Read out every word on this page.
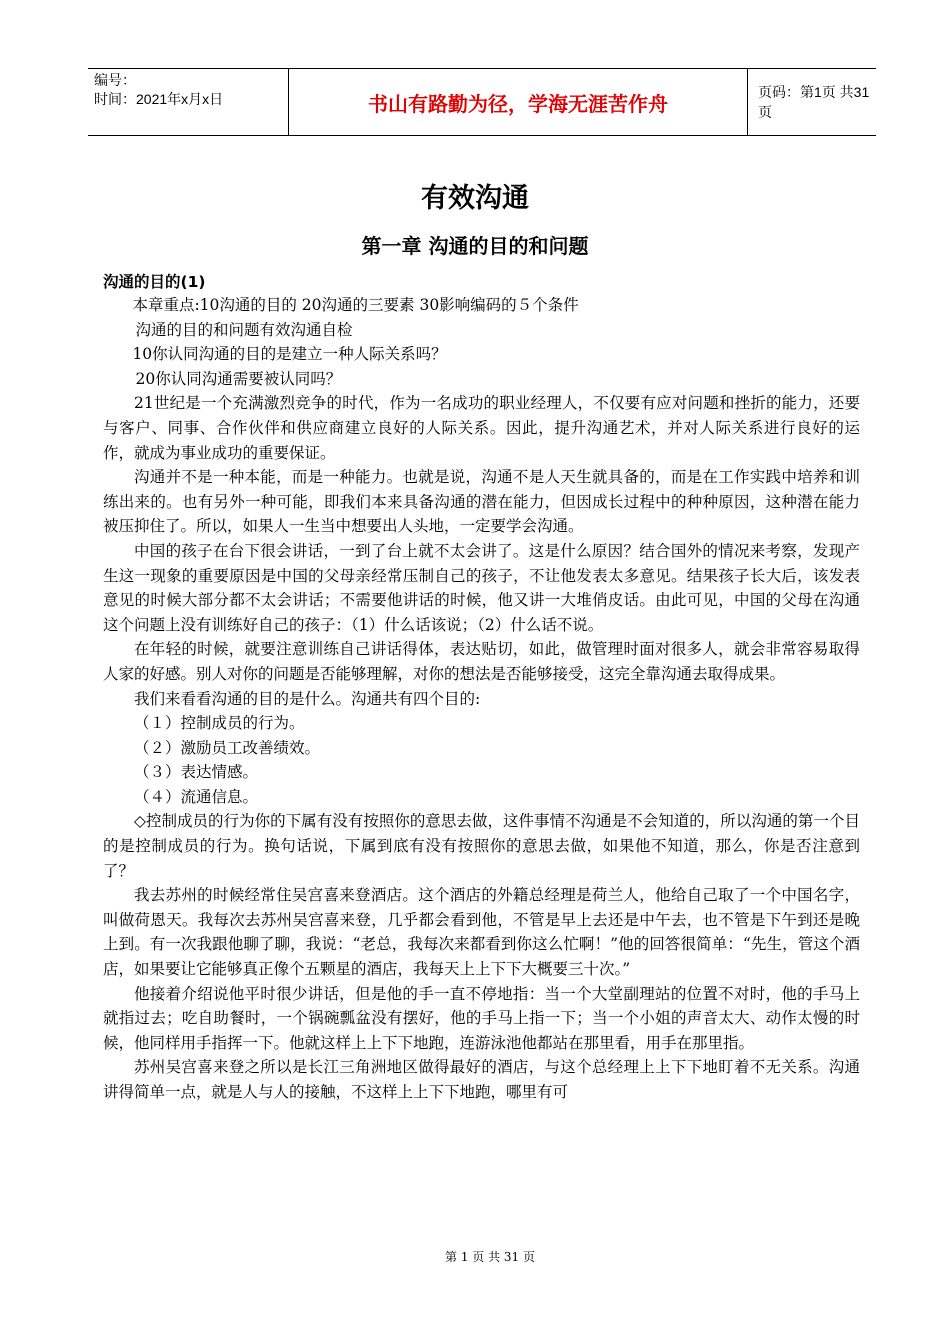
编号：
时间：2021年x月x日	书山有路勤为径，学海无涯苦作舟
页码：第1页 共31页
有效沟通
第一章 沟通的目的和问题
沟通的目的(1)

本章重点:10沟通的目的 20沟通的三要素 30影响编码的５个条件

沟通的目的和问题有效沟通自检

10你认同沟通的目的是建立一种人际关系吗？

20你认同沟通需要被认同吗？

21世纪是一个充满激烈竞争的时代，作为一名成功的职业经理人，不仅要有应对问题和挫折的能力，还要与客户、同事、合作伙伴和供应商建立良好的人际关系。因此，提升沟通艺术，并对人际关系进行良好的运作，就成为事业成功的重要保证。

沟通并不是一种本能，而是一种能力。也就是说，沟通不是人天生就具备的，而是在工作实践中培养和训练出来的。也有另外一种可能，即我们本来具备沟通的潜在能力，但因成长过程中的种种原因，这种潜在能力被压抑住了。所以，如果人一生当中想要出人头地，一定要学会沟通。

中国的孩子在台下很会讲话，一到了台上就不太会讲了。这是什么原因？结合国外的情况来考察，发现产生这一现象的重要原因是中国的父母亲经常压制自己的孩子，不让他发表太多意见。结果孩子长大后，该发表意见的时候大部分都不太会讲话；不需要他讲话的时候，他又讲一大堆俏皮话。由此可见，中国的父母在沟通这个问题上没有训练好自己的孩子：（1）什么话该说；（2）什么话不说。

在年轻的时候，就要注意训练自己讲话得体，表达贴切，如此，做管理时面对很多人，就会非常容易取得人家的好感。别人对你的问题是否能够理解，对你的想法是否能够接受，这完全靠沟通去取得成果。

我们来看看沟通的目的是什么。沟通共有四个目的:

（１）控制成员的行为。

（２）激励员工改善绩效。

（３）表达情感。

（４）流通信息。

◇控制成员的行为你的下属有没有按照你的意思去做，这件事情不沟通是不会知道的，所以沟通的第一个目的是控制成员的行为。换句话说，下属到底有没有按照你的意思去做，如果他不知道，那么，你是否注意到了？

我去苏州的时候经常住吴宫喜来登酒店。这个酒店的外籍总经理是荷兰人，他给自己取了一个中国名字，叫做荷恩天。我每次去苏州吴宫喜来登，几乎都会看到他，不管是早上去还是中午去，也不管是下午到还是晚上到。有一次我跟他聊了聊，我说：“老总，我每次来都看到你这么忙啊！”他的回答很简单：“先生，管这个酒店，如果要让它能够真正像个五颗星的酒店，我每天上上下下大概要三十次。”

他接着介绍说他平时很少讲话，但是他的手一直不停地指：当一个大堂副理站的位置不对时，他的手马上就指过去；吃自助餐时，一个锅碗瓢盆没有摆好，他的手马上指一下；当一个小姐的声音太大、动作太慢的时候，他同样用手指挥一下。他就这样上上下下地跑，连游泳池他都站在那里看，用手在那里指。

苏州吴宫喜来登之所以是长江三角洲地区做得最好的酒店，与这个总经理上上下下地盯着不无关系。沟通讲得简单一点，就是人与人的接触，不这样上上下下地跑，哪里有可

第 1 页 共 31 页
